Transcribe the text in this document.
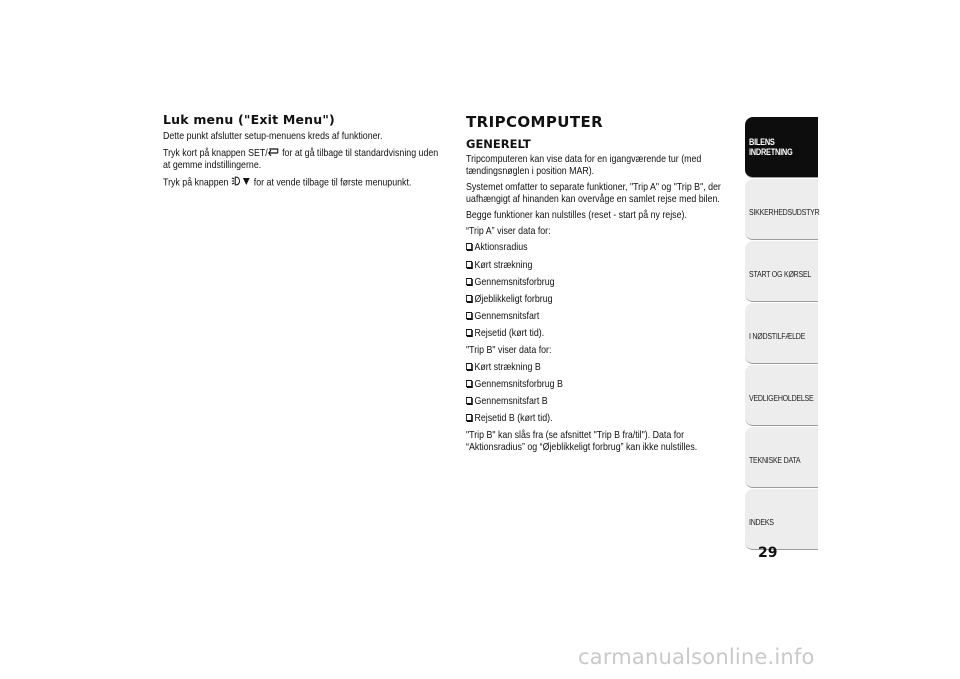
Luk menu ("Exit Menu")

Dette punkt afslutter setup-menuens kreds af funktioner.

Tryk kort på knappen SET/ for at gå tilbage til standardvisning uden at gemme indstillingerne.

Tryk på knappen  for at vende tilbage til første menupunkt.

TRIPCOMPUTER
GENERELT

Tripcomputeren kan vise data for en igangværende tur (med tændingsnøglen i position MAR).

Systemet omfatter to separate funktioner, "Trip A" og "Trip B", der uafhængigt af hinanden kan overvåge en samlet rejse med bilen.

Begge funktioner kan nulstilles (reset - start på ny rejse).

“Trip A” viser data for:

Aktionsradius
Kørt strækning
Gennemsnitsforbrug
Øjeblikkeligt forbrug
Gennemsnitsfart
Rejsetid (kørt tid).

"Trip B" viser data for:

Kørt strækning B
Gennemsnitsforbrug B
Gennemsnitsfart B
Rejsetid B (kørt tid).

"Trip B" kan slås fra (se afsnittet "Trip B fra/til"). Data for “Aktionsradius” og “Øjeblikkeligt forbrug” kan ikke nulstilles.

BILENS INDRETNING
SIKKERHEDSUDSTYR
START OG KØRSEL
I NØDSTILFÆLDE
VEDLIGEHOLDELSE
TEKNISKE DATA
INDEKS
29
carmanualsonline.info
